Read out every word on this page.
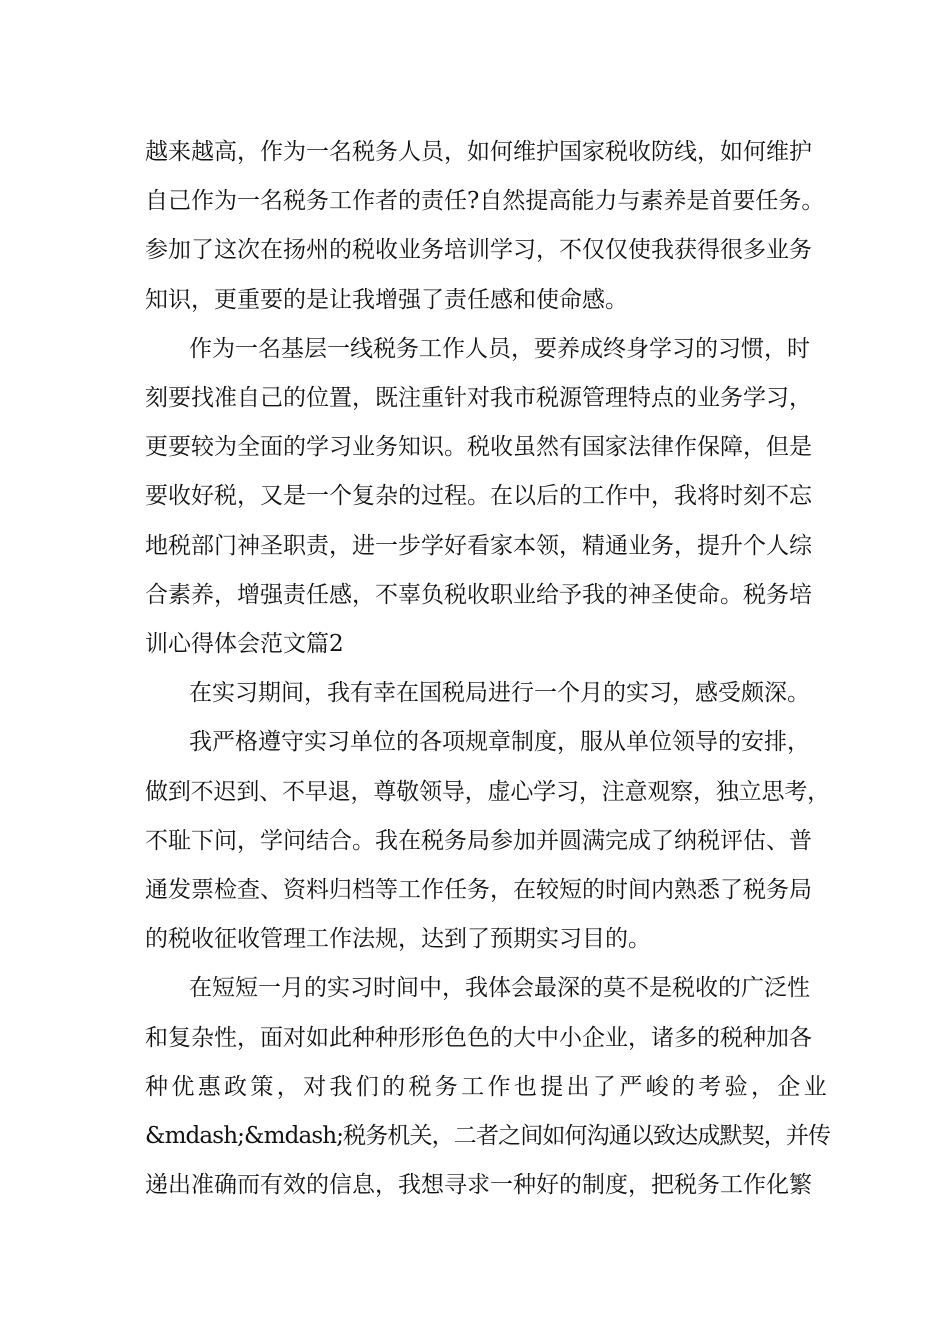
越来越高，作为一名税务人员，如何维护国家税收防线，如何维护
自己作为一名税务工作者的责任?自然提高能力与素养是首要任务。
参加了这次在扬州的税收业务培训学习，不仅仅使我获得很多业务
知识，更重要的是让我增强了责任感和使命感。
作为一名基层一线税务工作人员，要养成终身学习的习惯，时
刻要找准自己的位置，既注重针对我市税源管理特点的业务学习，
更要较为全面的学习业务知识。税收虽然有国家法律作保障，但是
要收好税，又是一个复杂的过程。在以后的工作中，我将时刻不忘
地税部门神圣职责，进一步学好看家本领，精通业务，提升个人综
合素养，增强责任感，不辜负税收职业给予我的神圣使命。税务培
训心得体会范文篇2
在实习期间，我有幸在国税局进行一个月的实习，感受颇深。
我严格遵守实习单位的各项规章制度，服从单位领导的安排，
做到不迟到、不早退，尊敬领导，虚心学习，注意观察，独立思考，
不耻下问，学问结合。我在税务局参加并圆满完成了纳税评估、普
通发票检查、资料归档等工作任务，在较短的时间内熟悉了税务局
的税收征收管理工作法规，达到了预期实习目的。
在短短一月的实习时间中，我体会最深的莫不是税收的广泛性
和复杂性，面对如此种种形形色色的大中小企业，诸多的税种加各
种优惠政策，对我们的税务工作也提出了严峻的考验，企业
&mdash;&mdash;税务机关，二者之间如何沟通以致达成默契，并传
递出准确而有效的信息，我想寻求一种好的制度，把税务工作化繁
